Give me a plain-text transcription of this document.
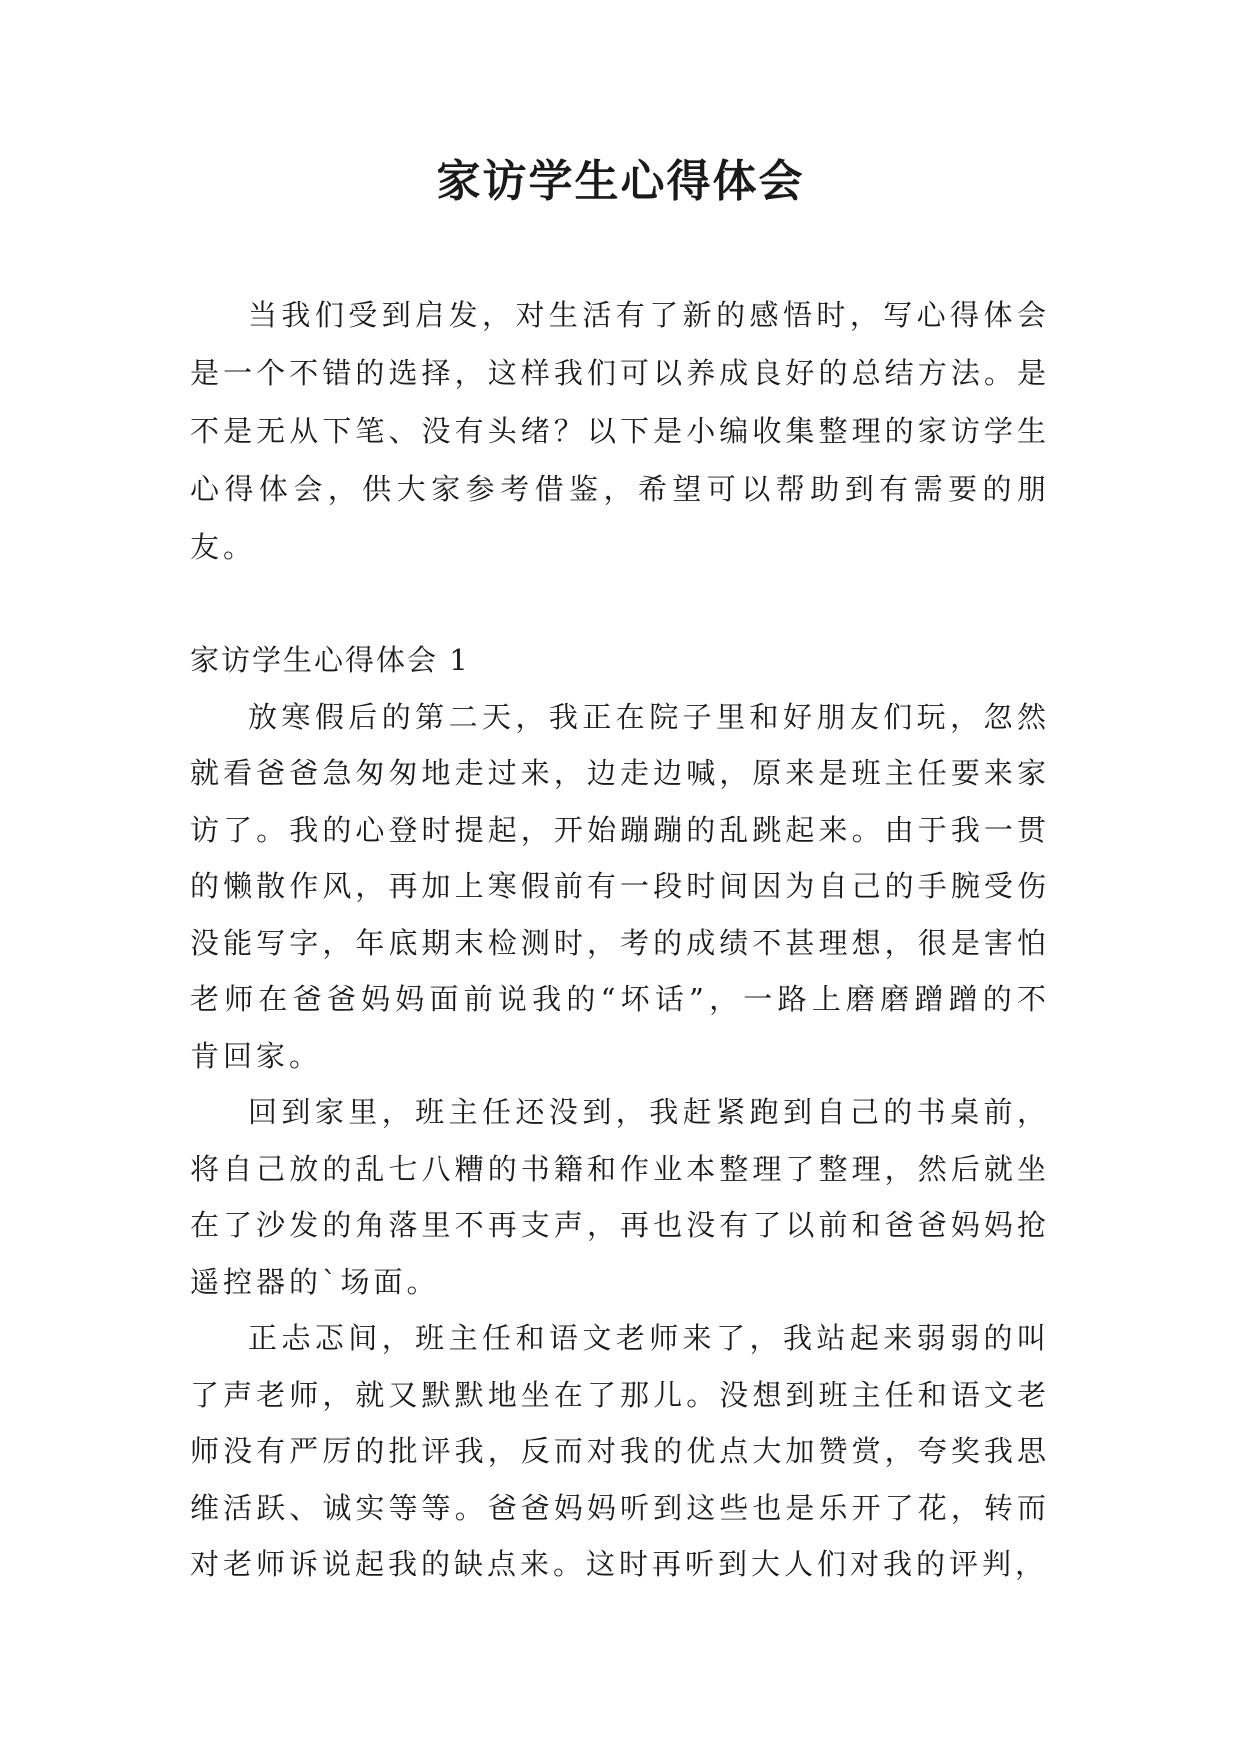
家访学生心得体会

当我们受到启发，对生活有了新的感悟时，写心得体会是一个不错的选择，这样我们可以养成良好的总结方法。是不是无从下笔、没有头绪？以下是小编收集整理的家访学生心得体会，供大家参考借鉴，希望可以帮助到有需要的朋友。

家访学生心得体会 1

放寒假后的第二天，我正在院子里和好朋友们玩，忽然就看爸爸急匆匆地走过来，边走边喊，原来是班主任要来家访了。我的心登时提起，开始蹦蹦的乱跳起来。由于我一贯的懒散作风，再加上寒假前有一段时间因为自己的手腕受伤没能写字，年底期末检测时，考的成绩不甚理想，很是害怕老师在爸爸妈妈面前说我的“坏话”，一路上磨磨蹭蹭的不肯回家。

回到家里，班主任还没到，我赶紧跑到自己的书桌前，将自己放的乱七八糟的书籍和作业本整理了整理，然后就坐在了沙发的角落里不再支声，再也没有了以前和爸爸妈妈抢遥控器的`场面。

正忐忑间，班主任和语文老师来了，我站起来弱弱的叫了声老师，就又默默地坐在了那儿。没想到班主任和语文老师没有严厉的批评我，反而对我的优点大加赞赏，夸奖我思维活跃、诚实等等。爸爸妈妈听到这些也是乐开了花，转而对老师诉说起我的缺点来。这时再听到大人们对我的评判，
